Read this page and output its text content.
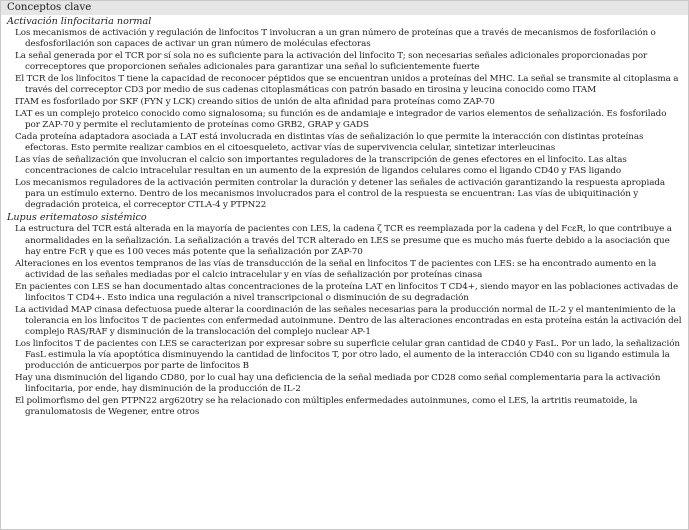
Conceptos clave
Activación linfocitaria normal

Los mecanismos de activación y regulación de linfocitos T involucran a un gran número de proteínas que a través de mecanismos de fosforilación o desfosforilación son capaces de activar un gran número de moléculas efectoras

La señal generada por el TCR por sí sola no es suficiente para la activación del linfocito T; son necesarias señales adicionales proporcionadas por correceptores que proporcionen señales adicionales para garantizar una señal lo suficientemente fuerte

El TCR de los linfocitos T tiene la capacidad de reconocer péptidos que se encuentran unidos a proteínas del MHC. La señal se transmite al citoplasma a través del correceptor CD3 por medio de sus cadenas citoplasmáticas con patrón basado en tirosina y leucina conocido como ITAM

ITAM es fosforilado por SKF (FYN y LCK) creando sitios de unión de alta afinidad para proteínas como ZAP-70

LAT es un complejo proteico conocido como signalosoma; su función es de andamiaje e integrador de varios elementos de señalización. Es fosforilado por ZAP-70 y permite el reclutamiento de proteínas como GRB2, GRAP y GADS

Cada proteína adaptadora asociada a LAT está involucrada en distintas vías de señalización lo que permite la interacción con distintas proteínas efectoras. Esto permite realizar cambios en el citoesqueleto, activar vías de supervivencia celular, sintetizar interleucinas

Las vías de señalización que involucran el calcio son importantes reguladores de la transcripción de genes efectores en el linfocito. Las altas concentraciones de calcio intracelular resultan en un aumento de la expresión de ligandos celulares como el ligando CD40 y FAS ligando

Los mecanismos reguladores de la activación permiten controlar la duración y detener las señales de activación garantizando la respuesta apropiada para un estímulo externo. Dentro de los mecanismos involucrados para el control de la respuesta se encuentran: Las vías de ubiquitinación y degradación proteica, el correceptor CTLA-4 y PTPN22

Lupus eritematoso sistémico

La estructura del TCR está alterada en la mayoría de pacientes con LES, la cadena ζ TCR es reemplazada por la cadena γ del FcεR, lo que contribuye a anormalidades en la señalización. La señalización a través del TCR alterado en LES se presume que es mucho más fuerte debido a la asociación que hay entre FcR γ que es 100 veces más potente que la señalización por ZAP-70

Alteraciones en los eventos tempranos de las vías de transducción de la señal en linfocitos T de pacientes con LES: se ha encontrado aumento en la actividad de las señales mediadas por el calcio intracelular y en vías de señalización por proteínas cinasa

En pacientes con LES se han documentado altas concentraciones de la proteína LAT en linfocitos T CD4+, siendo mayor en las poblaciones activadas de linfocitos T CD4+. Esto indica una regulación a nivel transcripcional o disminución de su degradación

La actividad MAP cinasa defectuosa puede alterar la coordinación de las señales necesarias para la producción normal de IL-2 y el mantenimiento de la tolerancia en los linfocitos T de pacientes con enfermedad autoinmune. Dentro de las alteraciones encontradas en esta proteína están la activación del complejo RAS/RAF y disminución de la translocación del complejo nuclear AP-1

Los linfocitos T de pacientes con LES se caracterizan por expresar sobre su superficie celular gran cantidad de CD40 y FasL. Por un lado, la señalización FasL estimula la vía apoptótica disminuyendo la cantidad de linfocitos T, por otro lado, el aumento de la interacción CD40 con su ligando estimula la producción de anticuerpos por parte de linfocitos B

Hay una disminución del ligando CD80, por lo cual hay una deficiencia de la señal mediada por CD28 como señal complementaria para la activación linfocitaria, por ende, hay disminución de la producción de IL-2

El polimorfismo del gen PTPN22 arg620try se ha relacionado con múltiples enfermedades autoinmunes, como el LES, la artritis reumatoide, la granulomatosis de Wegener, entre otros
